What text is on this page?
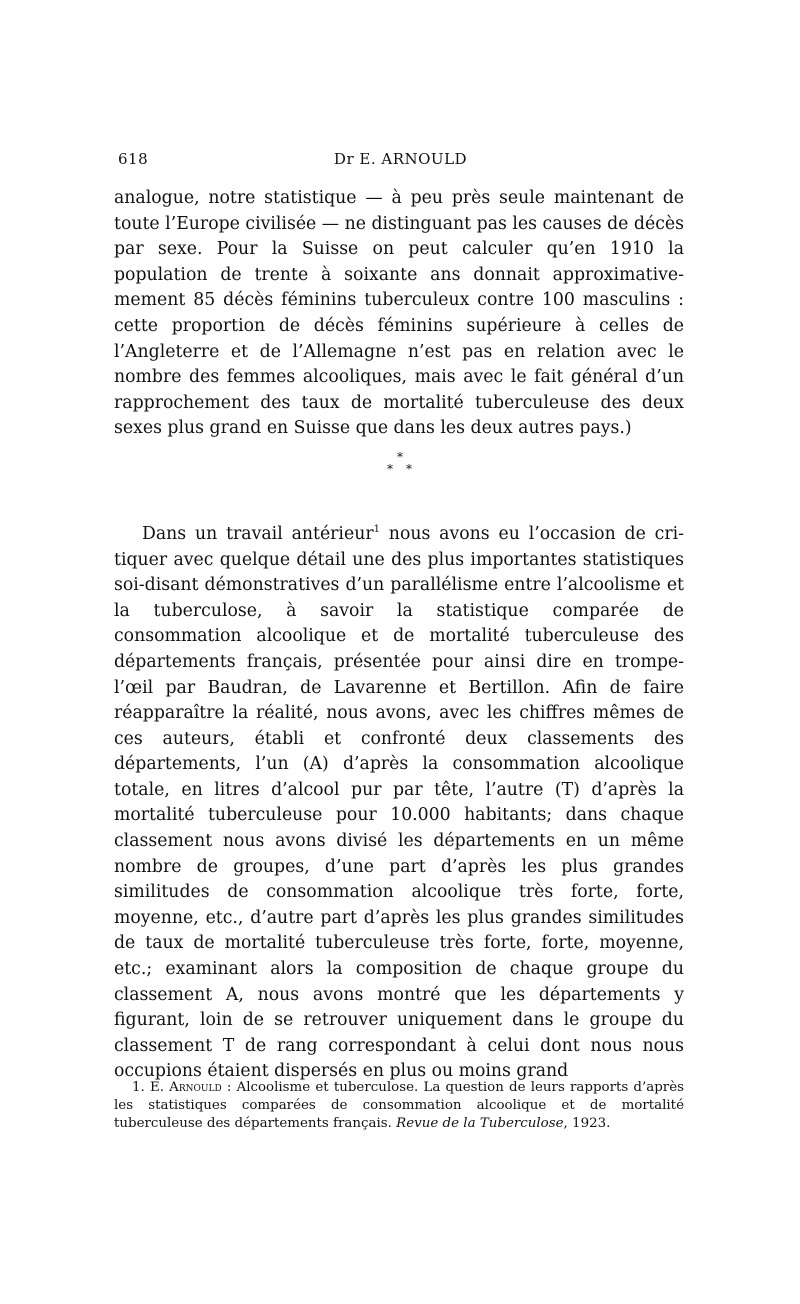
618	Dr E. ARNOULD

analogue, notre statistique — à peu près seule maintenant de toute l’Europe civilisée — ne distinguant pas les causes de décès par sexe. Pour la Suisse on peut calculer qu’en 1910 la population de trente à soixante ans donnait approximativemement 85 décès féminins tuberculeux contre 100 masculins : cette proportion de décès féminins supérieure à celles de l’Angleterre et de l’Allemagne n’est pas en relation avec le nombre des femmes alcooliques, mais avec le fait général d’un rapprochement des taux de mortalité tuberculeuse des deux sexes plus grand en Suisse que dans les deux autres pays.)

*
* *

Dans un travail antérieur$^1$ nous avons eu l’occasion de critiquer avec quelque détail une des plus importantes statistiques soi-disant démonstratives d’un parallélisme entre l’alcoolisme et la tuberculose, à savoir la statistique comparée de consommation alcoolique et de mortalité tuberculeuse des départements français, présentée pour ainsi dire en trompe-l’œil par Baudran, de Lavarenne et Bertillon. Afin de faire réapparaître la réalité, nous avons, avec les chiffres mêmes de ces auteurs, établi et confronté deux classements des départements, l’un (A) d’après la consommation alcoolique totale, en litres d’alcool pur par tête, l’autre (T) d’après la mortalité tuberculeuse pour 10.000 habitants; dans chaque classement nous avons divisé les départements en un même nombre de groupes, d’une part d’après les plus grandes similitudes de consommation alcoolique très forte, forte, moyenne, etc., d’autre part d’après les plus grandes similitudes de taux de mortalité tuberculeuse très forte, forte, moyenne, etc.; examinant alors la composition de chaque groupe du classement A, nous avons montré que les départements y figurant, loin de se retrouver uniquement dans le groupe du classement T de rang correspondant à celui dont nous nous occupions étaient dispersés en plus ou moins grand

1. E. Arnould : Alcoolisme et tuberculose. La question de leurs rapports d’après les statistiques comparées de consommation alcoolique et de mortalité tuberculeuse des départements français. Revue de la Tuberculose, 1923.
